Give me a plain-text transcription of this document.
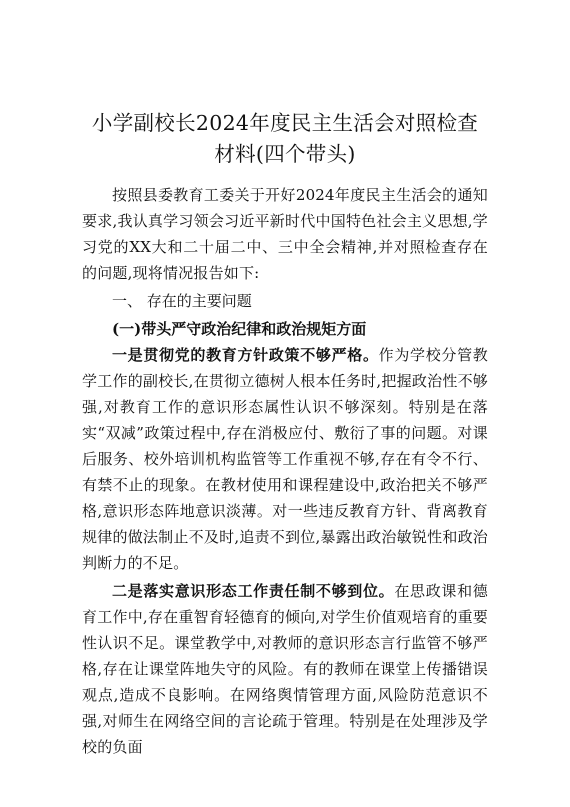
小学副校长2024年度民主生活会对照检查材料(四个带头)

按照县委教育工委关于开好2024年度民主生活会的通知要求,我认真学习领会习近平新时代中国特色社会主义思想,学习党的XX大和二十届二中、三中全会精神,并对照检查存在的问题,现将情况报告如下:

一、 存在的主要问题

(一)带头严守政治纪律和政治规矩方面

一是贯彻党的教育方针政策不够严格。作为学校分管教学工作的副校长,在贯彻立德树人根本任务时,把握政治性不够强,对教育工作的意识形态属性认识不够深刻。特别是在落实“双减”政策过程中,存在消极应付、敷衍了事的问题。对课后服务、校外培训机构监管等工作重视不够,存在有令不行、有禁不止的现象。在教材使用和课程建设中,政治把关不够严格,意识形态阵地意识淡薄。对一些违反教育方针、背离教育规律的做法制止不及时,追责不到位,暴露出政治敏锐性和政治判断力的不足。

二是落实意识形态工作责任制不够到位。在思政课和德育工作中,存在重智育轻德育的倾向,对学生价值观培育的重要性认识不足。课堂教学中,对教师的意识形态言行监管不够严格,存在让课堂阵地失守的风险。有的教师在课堂上传播错误观点,造成不良影响。在网络舆情管理方面,风险防范意识不强,对师生在网络空间的言论疏于管理。特别是在处理涉及学校的负面
